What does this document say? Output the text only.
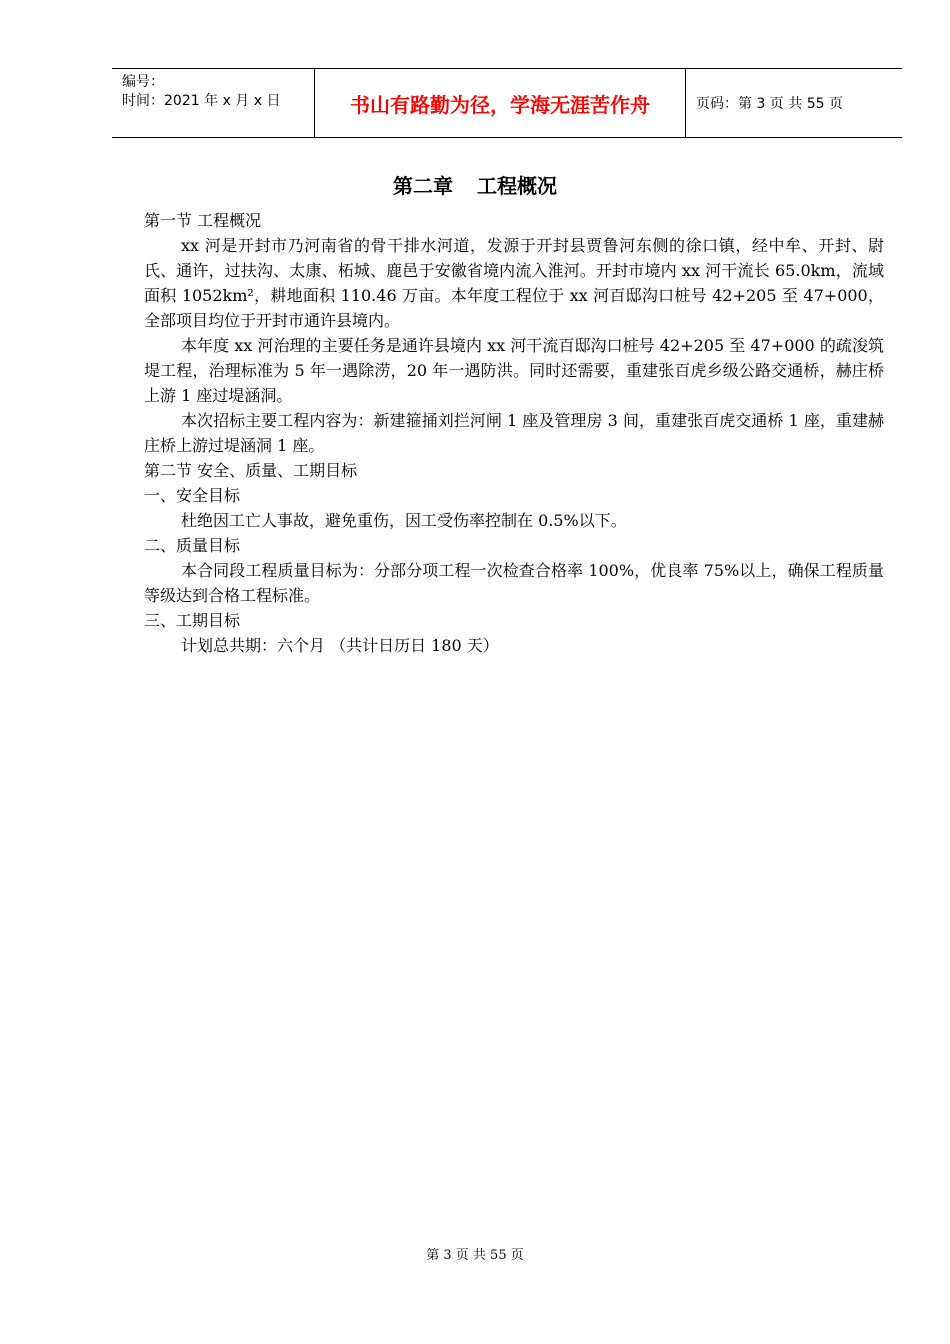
编号：
时间：2021 年 x 月 x 日	书山有路勤为径，学海无涯苦作舟	页码：第 3 页 共 55 页
第二章 工程概况

第一节 工程概况

xx 河是开封市乃河南省的骨干排水河道，发源于开封县贾鲁河东侧的徐口镇，经中牟、开封、尉氏、通许，过扶沟、太康、柘城、鹿邑于安徽省境内流入淮河。开封市境内 xx 河干流长 65.0km，流域面积 1052km²，耕地面积 110.46 万亩。本年度工程位于 xx 河百邸沟口桩号 42+205 至 47+000，全部项目均位于开封市通许县境内。

本年度 xx 河治理的主要任务是通许县境内 xx 河干流百邸沟口桩号 42+205 至 47+000 的疏浚筑堤工程，治理标准为 5 年一遇除涝，20 年一遇防洪。同时还需要，重建张百虎乡级公路交通桥，赫庄桥上游 1 座过堤涵洞。

本次招标主要工程内容为：新建箍捅刘拦河闸 1 座及管理房 3 间，重建张百虎交通桥 1 座，重建赫庄桥上游过堤涵洞 1 座。

第二节 安全、质量、工期目标

一、安全目标

杜绝因工亡人事故，避免重伤，因工受伤率控制在 0.5%以下。

二、质量目标

本合同段工程质量目标为：分部分项工程一次检查合格率 100%，优良率 75%以上，确保工程质量等级达到合格工程标准。

三、工期目标

计划总共期：六个月 （共计日历日 180 天）

第 3 页 共 55 页
